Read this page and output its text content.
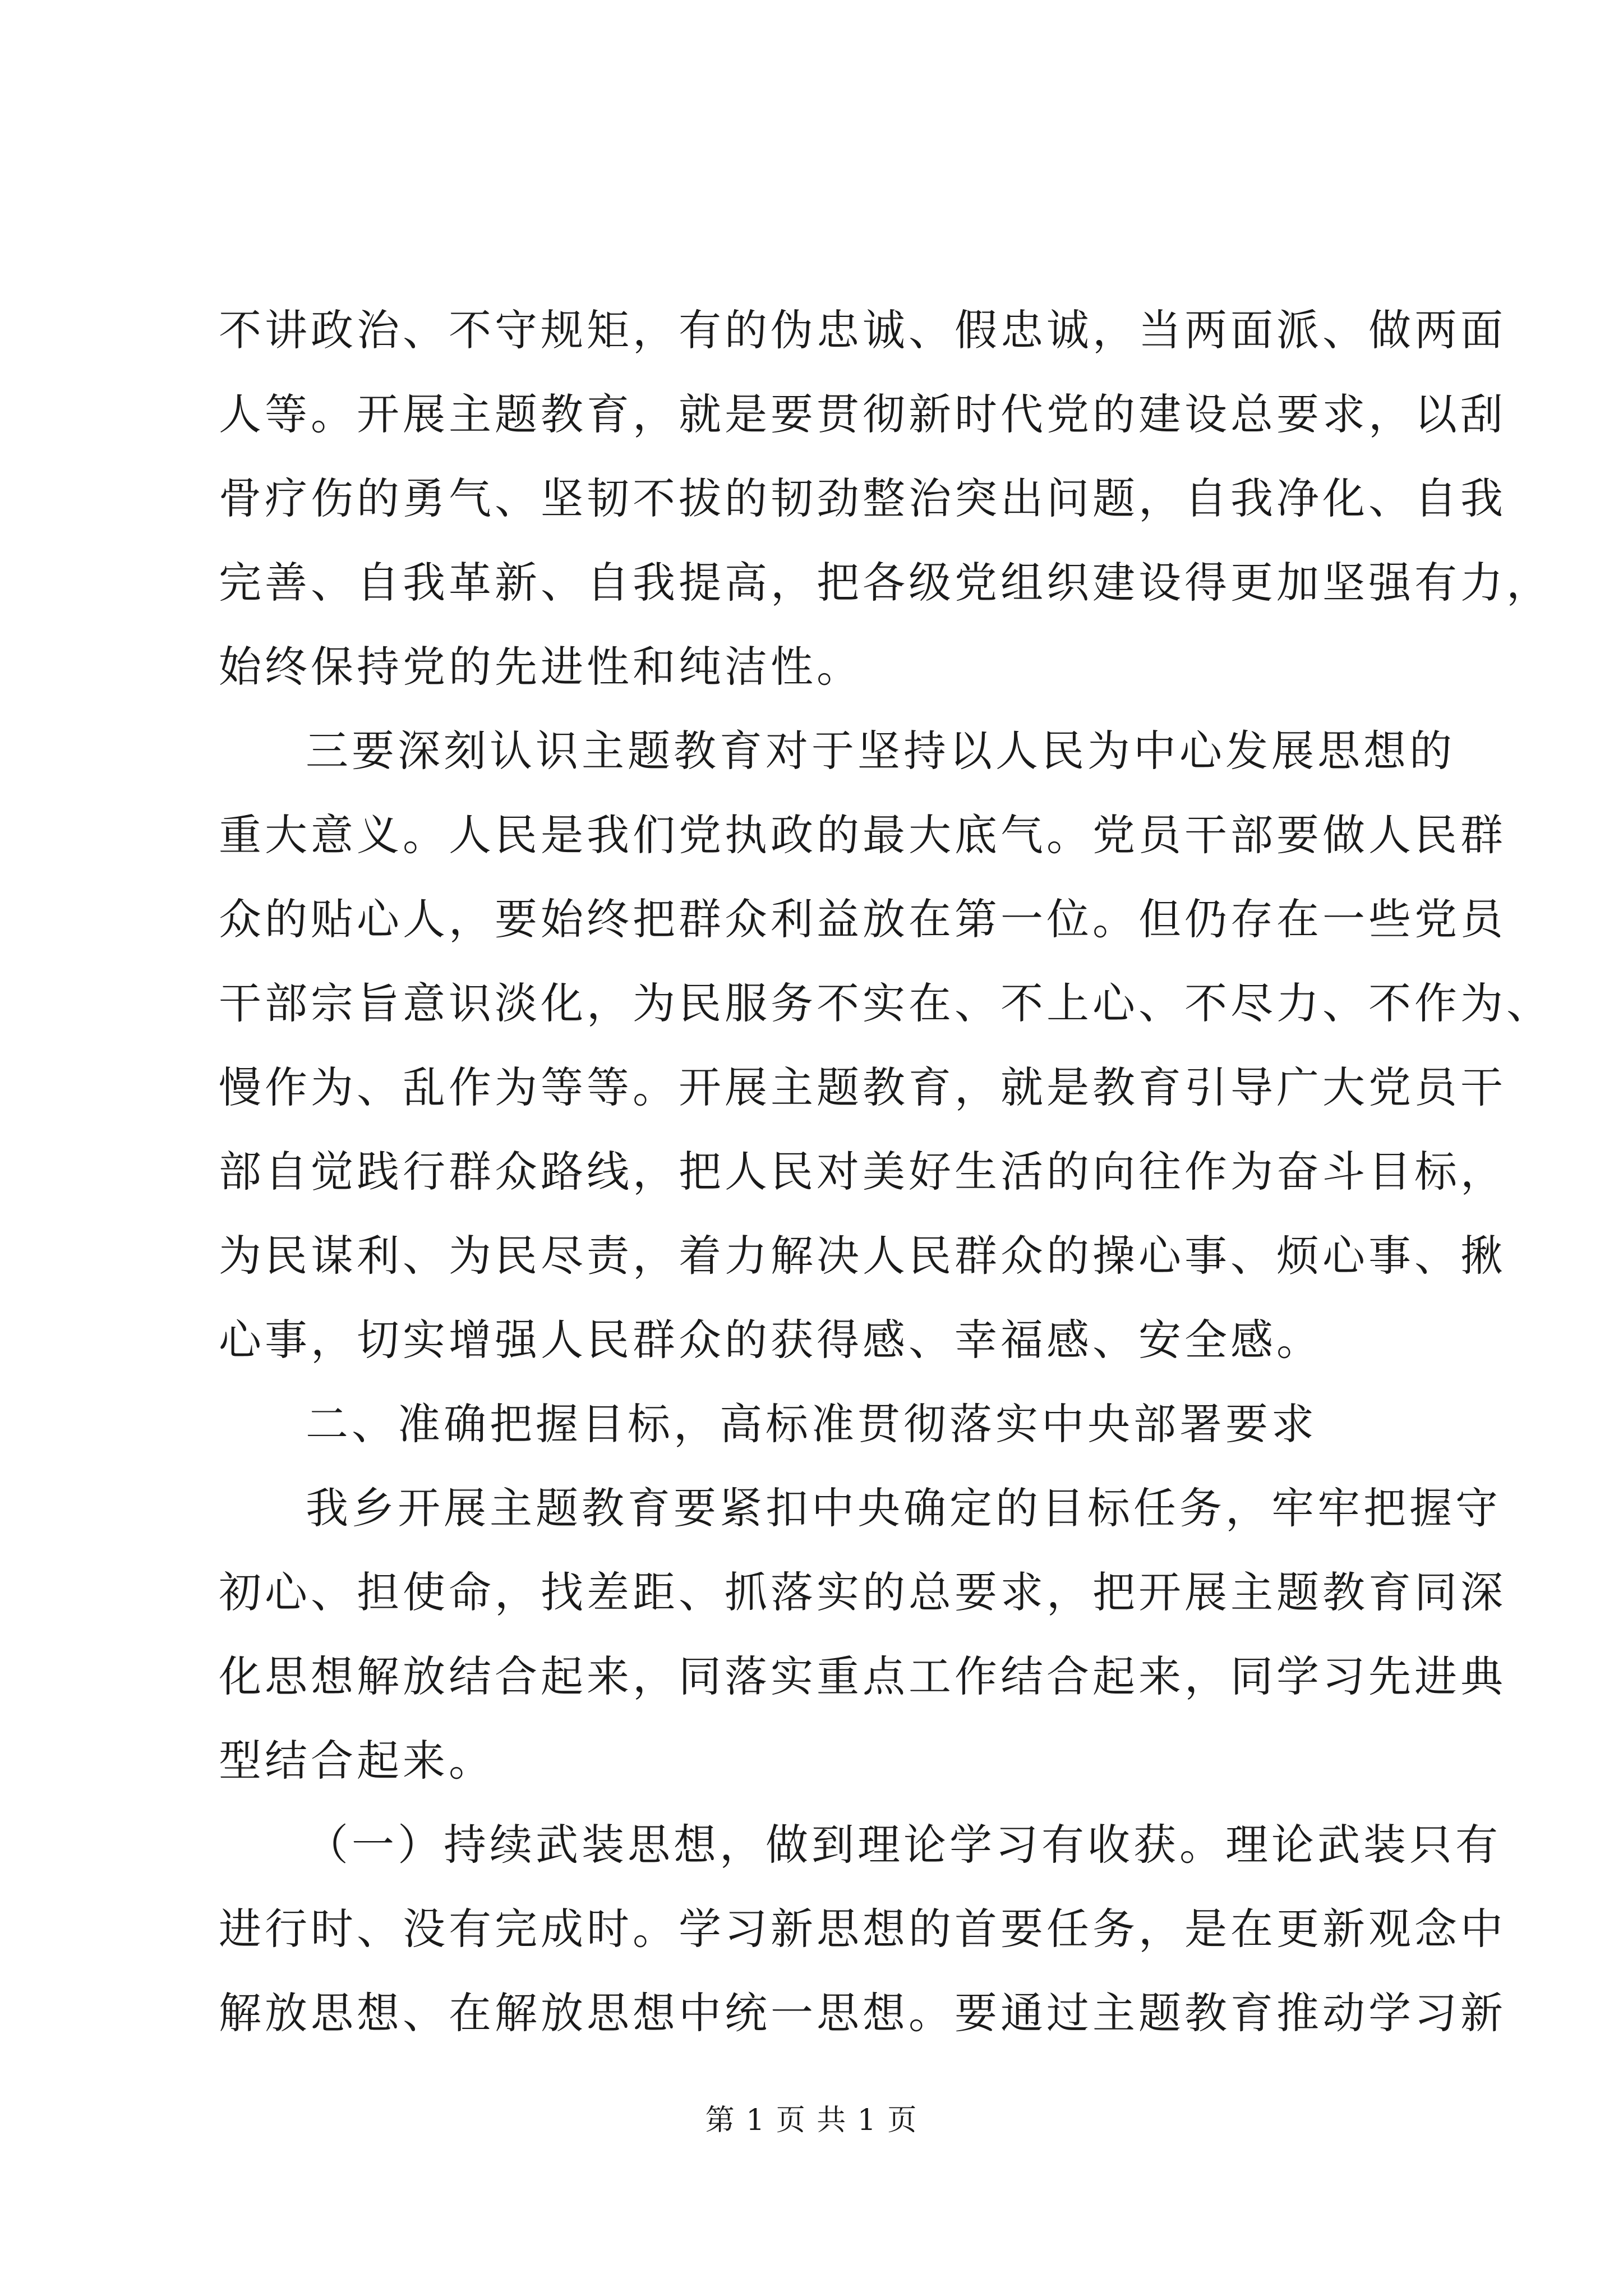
不讲政治、不守规矩，有的伪忠诚、假忠诚，当两面派、做两面

人等。开展主题教育，就是要贯彻新时代党的建设总要求，以刮

骨疗伤的勇气、坚韧不拔的韧劲整治突出问题，自我净化、自我

完善、自我革新、自我提高，把各级党组织建设得更加坚强有力，

始终保持党的先进性和纯洁性。

三要深刻认识主题教育对于坚持以人民为中心发展思想的

重大意义。人民是我们党执政的最大底气。党员干部要做人民群

众的贴心人，要始终把群众利益放在第一位。但仍存在一些党员

干部宗旨意识淡化，为民服务不实在、不上心、不尽力、不作为、

慢作为、乱作为等等。开展主题教育，就是教育引导广大党员干

部自觉践行群众路线，把人民对美好生活的向往作为奋斗目标，

为民谋利、为民尽责，着力解决人民群众的操心事、烦心事、揪

心事，切实增强人民群众的获得感、幸福感、安全感。

二、准确把握目标，高标准贯彻落实中央部署要求

我乡开展主题教育要紧扣中央确定的目标任务，牢牢把握守

初心、担使命，找差距、抓落实的总要求，把开展主题教育同深

化思想解放结合起来，同落实重点工作结合起来，同学习先进典

型结合起来。

（一）持续武装思想，做到理论学习有收获。理论武装只有

进行时、没有完成时。学习新思想的首要任务，是在更新观念中

解放思想、在解放思想中统一思想。要通过主题教育推动学习新

第 1 页 共 1 页
